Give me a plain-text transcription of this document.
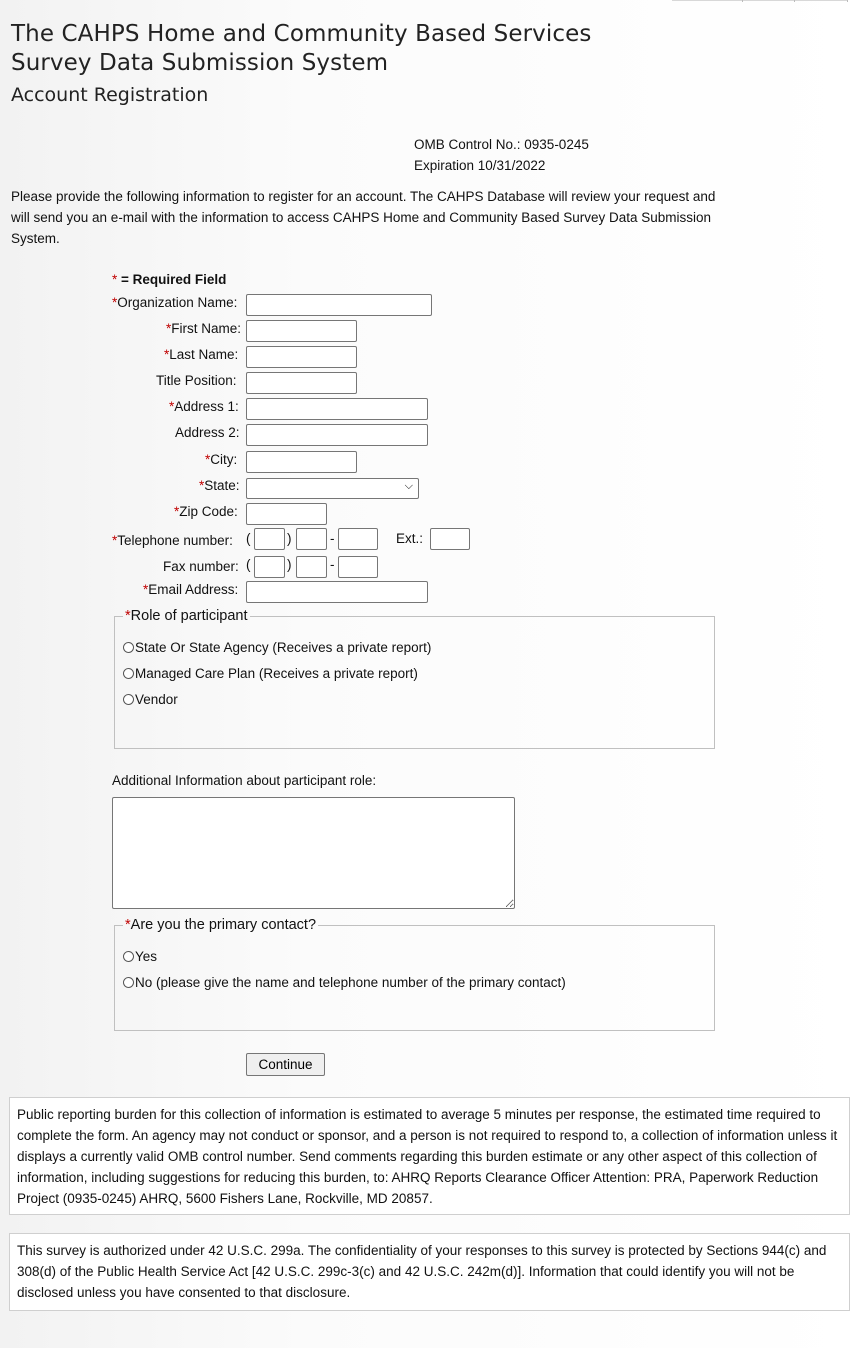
The CAHPS Home and Community Based Services
Survey Data Submission System
Account Registration
OMB Control No.: 0935-0245
Expiration 10/31/2022
Please provide the following information to register for an account. The CAHPS Database will review your request and will send you an e-mail with the information to access CAHPS Home and Community Based Survey Data Submission System.
* = Required Field
*Organization Name:
*First Name:
*Last Name:
Title Position:
*Address 1:
Address 2:
*City:
*State:	⌵
*Zip Code:
*Telephone number: (	)	-	Ext.:
Fax number: (	)	-
*Email Address:
*Role of participant
State Or State Agency (Receives a private report)
Managed Care Plan (Receives a private report)
Vendor
Additional Information about participant role:
*Are you the primary contact?
Yes
No (please give the name and telephone number of the primary contact)
Continue
Public reporting burden for this collection of information is estimated to average 5 minutes per response, the estimated time required to complete the form. An agency may not conduct or sponsor, and a person is not required to respond to, a collection of information unless it displays a currently valid OMB control number. Send comments regarding this burden estimate or any other aspect of this collection of information, including suggestions for reducing this burden, to: AHRQ Reports Clearance Officer Attention: PRA, Paperwork Reduction Project (0935-0245) AHRQ, 5600 Fishers Lane, Rockville, MD 20857.
This survey is authorized under 42 U.S.C. 299a. The confidentiality of your responses to this survey is protected by Sections 944(c) and 308(d) of the Public Health Service Act [42 U.S.C. 299c-3(c) and 42 U.S.C. 242m(d)]. Information that could identify you will not be disclosed unless you have consented to that disclosure.
